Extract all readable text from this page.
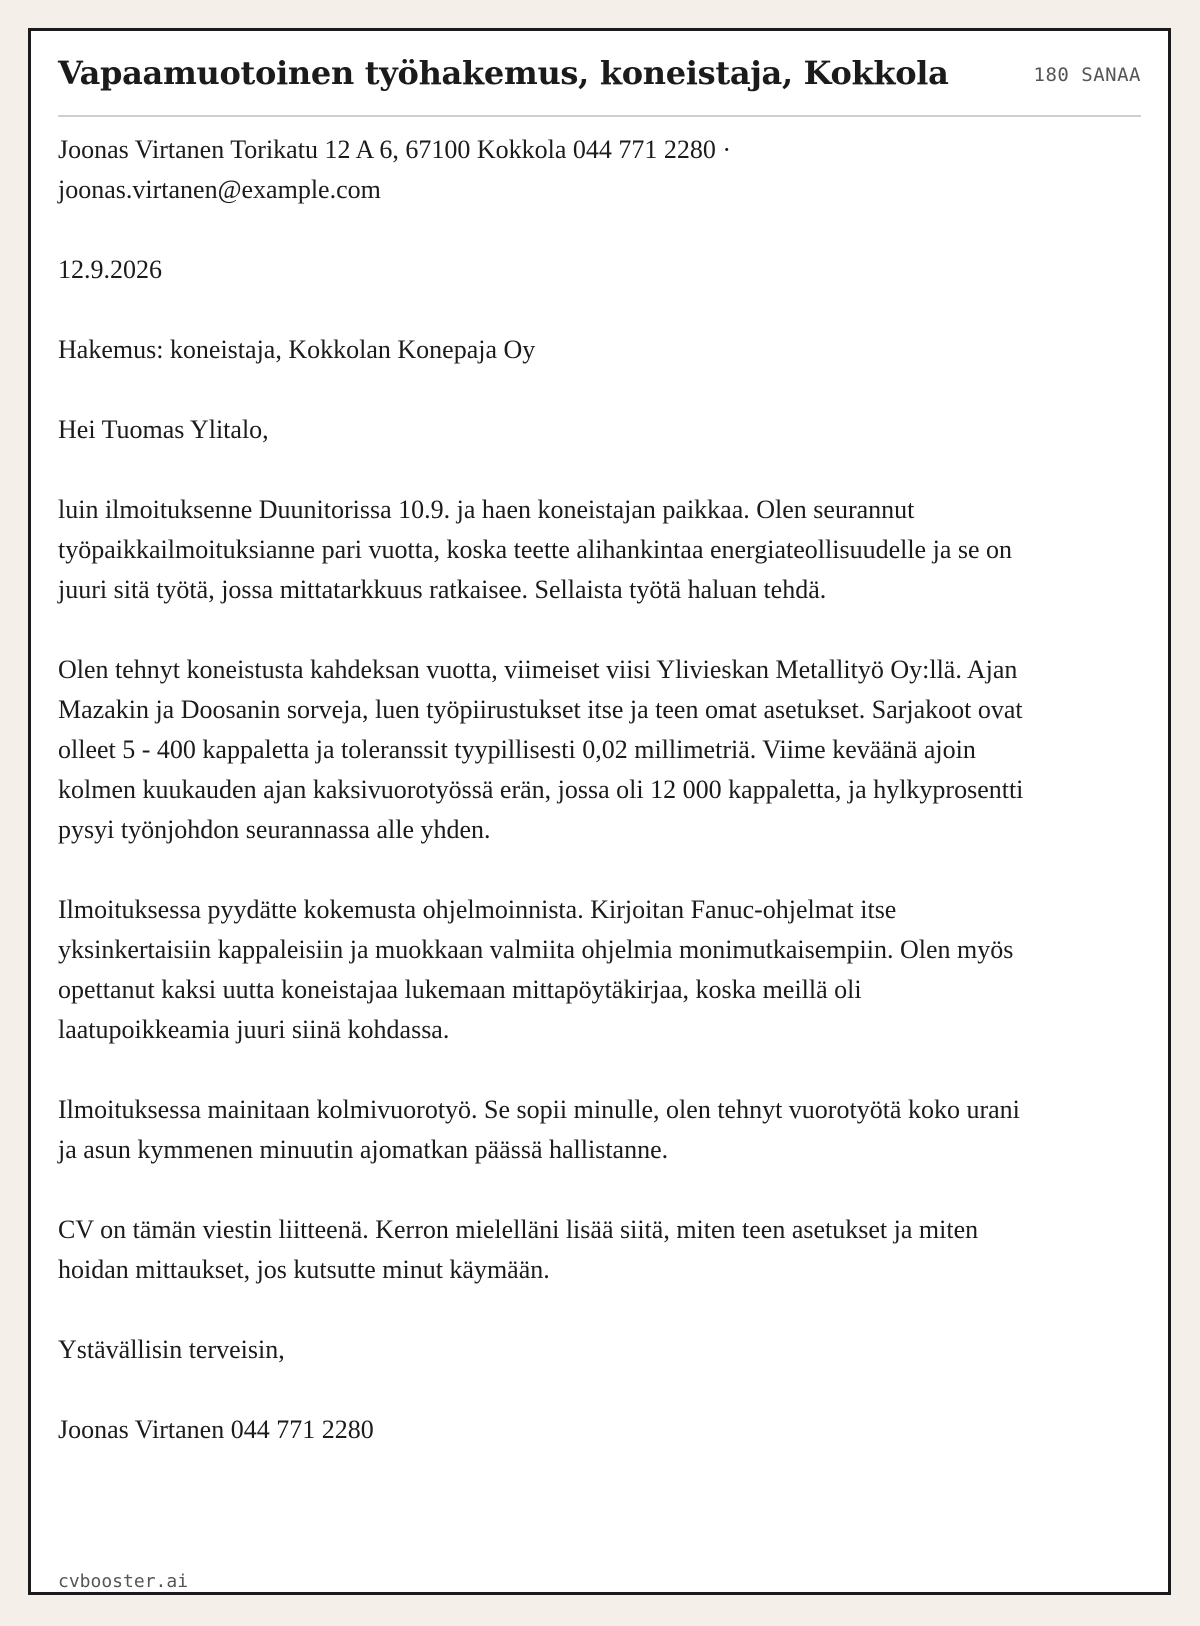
Vapaamuotoinen työhakemus, koneistaja, Kokkola	180 SANAA

Joonas Virtanen Torikatu 12 A 6, 67100 Kokkola 044 771 2280 · joonas.virtanen@example.com

12.9.2026

Hakemus: koneistaja, Kokkolan Konepaja Oy

Hei Tuomas Ylitalo,

luin ilmoituksenne Duunitorissa 10.9. ja haen koneistajan paikkaa. Olen seurannut työpaikkailmoituksianne pari vuotta, koska teette alihankintaa energiateollisuudelle ja se on juuri sitä työtä, jossa mittatarkkuus ratkaisee. Sellaista työtä haluan tehdä.

Olen tehnyt koneistusta kahdeksan vuotta, viimeiset viisi Ylivieskan Metallityö Oy:llä. Ajan Mazakin ja Doosanin sorveja, luen työpiirustukset itse ja teen omat asetukset. Sarjakoot ovat olleet 5 - 400 kappaletta ja toleranssit tyypillisesti 0,02 millimetriä. Viime keväänä ajoin kolmen kuukauden ajan kaksivuorotyössä erän, jossa oli 12 000 kappaletta, ja hylkyprosentti pysyi työnjohdon seurannassa alle yhden.

Ilmoituksessa pyydätte kokemusta ohjelmoinnista. Kirjoitan Fanuc-ohjelmat itse yksinkertaisiin kappaleisiin ja muokkaan valmiita ohjelmia monimutkaisempiin. Olen myös opettanut kaksi uutta koneistajaa lukemaan mittapöytäkirjaa, koska meillä oli laatupoikkeamia juuri siinä kohdassa.

Ilmoituksessa mainitaan kolmivuorotyö. Se sopii minulle, olen tehnyt vuorotyötä koko urani ja asun kymmenen minuutin ajomatkan päässä hallistanne.

CV on tämän viestin liitteenä. Kerron mielelläni lisää siitä, miten teen asetukset ja miten hoidan mittaukset, jos kutsutte minut käymään.

Ystävällisin terveisin,

Joonas Virtanen 044 771 2280

cvbooster.ai
